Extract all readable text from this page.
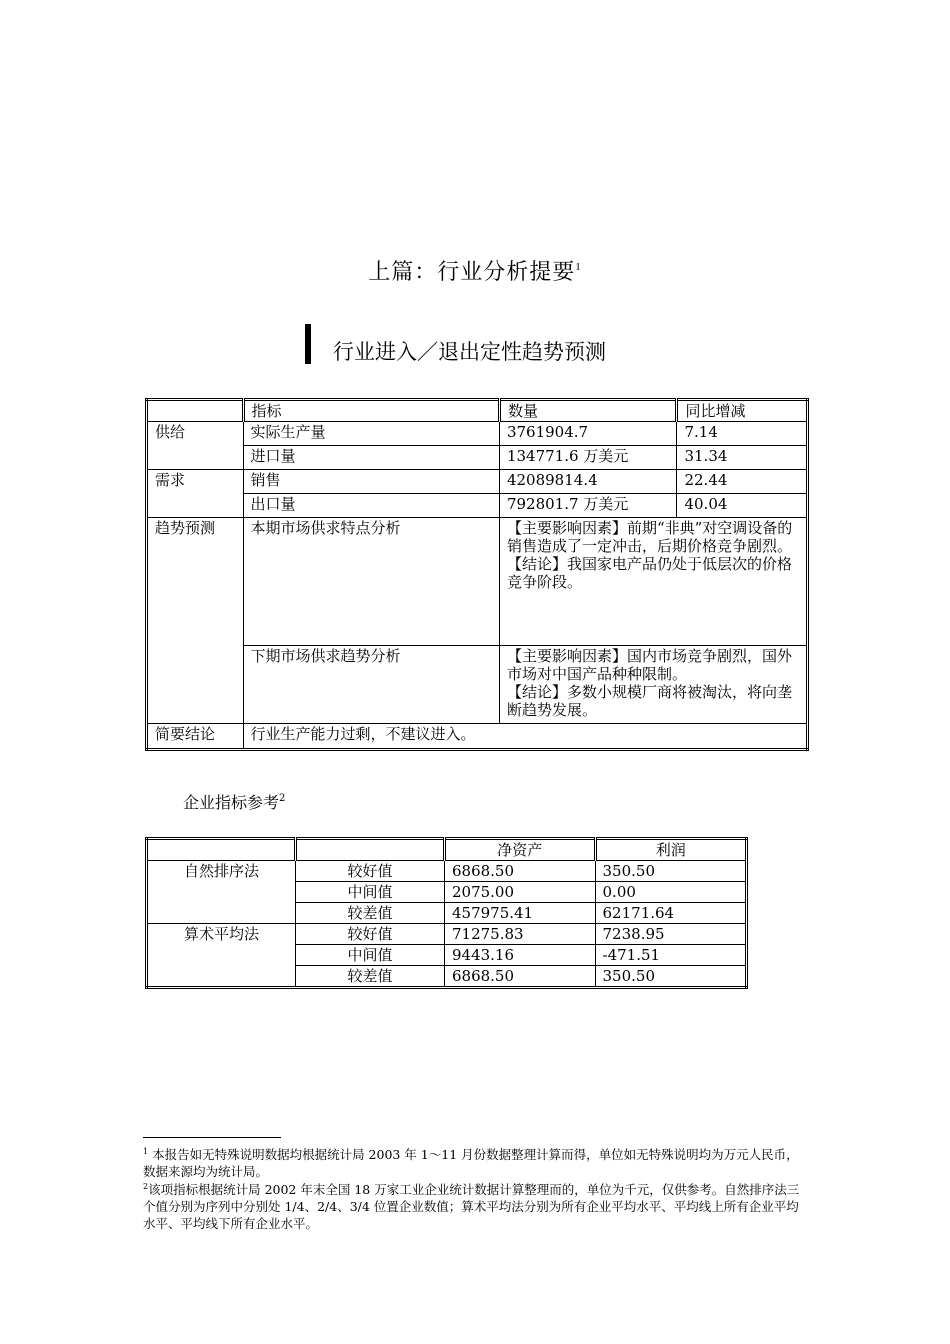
上篇：行业分析提要$^1$
行业进入／退出定性趋势预测
	指标	数量	同比增减
供给	实际生产量	3761904.7	7.14
	进口量	134771.6 万美元	31.34
需求	销售	42089814.4	22.44
	出口量	792801.7 万美元	40.04
趋势预测	本期市场供求特点分析	【主要影响因素】前期“非典”对空调设备的销售造成了一定冲击，后期价格竞争剧烈。
【结论】我国家电产品仍处于低层次的价格竞争阶段。	

	下期市场供求趋势分析	【主要影响因素】国内市场竞争剧烈，国外市场对中国产品种种限制。
【结论】多数小规模厂商将被淘汰，将向垄断趋势发展。	

简要结论	行业生产能力过剩，不建议进入。		
企业指标参考$^2$
		净资产	利润
自然排序法	较好值	6868.50	350.50
	中间值	2075.00	0.00
	较差值	457975.41	62171.64
算术平均法	较好值	71275.83	7238.95
	中间值	9443.16	-471.51
	较差值	6868.50	350.50
$^1$ 本报告如无特殊说明数据均根据统计局 2003 年 1～11 月份数据整理计算而得，单位如无特殊说明均为万元人民币，数据来源均为统计局。
$^2$该项指标根据统计局 2002 年末全国 18 万家工业企业统计数据计算整理而的，单位为千元，仅供参考。自然排序法三个值分别为序列中分别处 1/4、2/4、3/4 位置企业数值；算术平均法分别为所有企业平均水平、平均线上所有企业平均水平、平均线下所有企业水平。
